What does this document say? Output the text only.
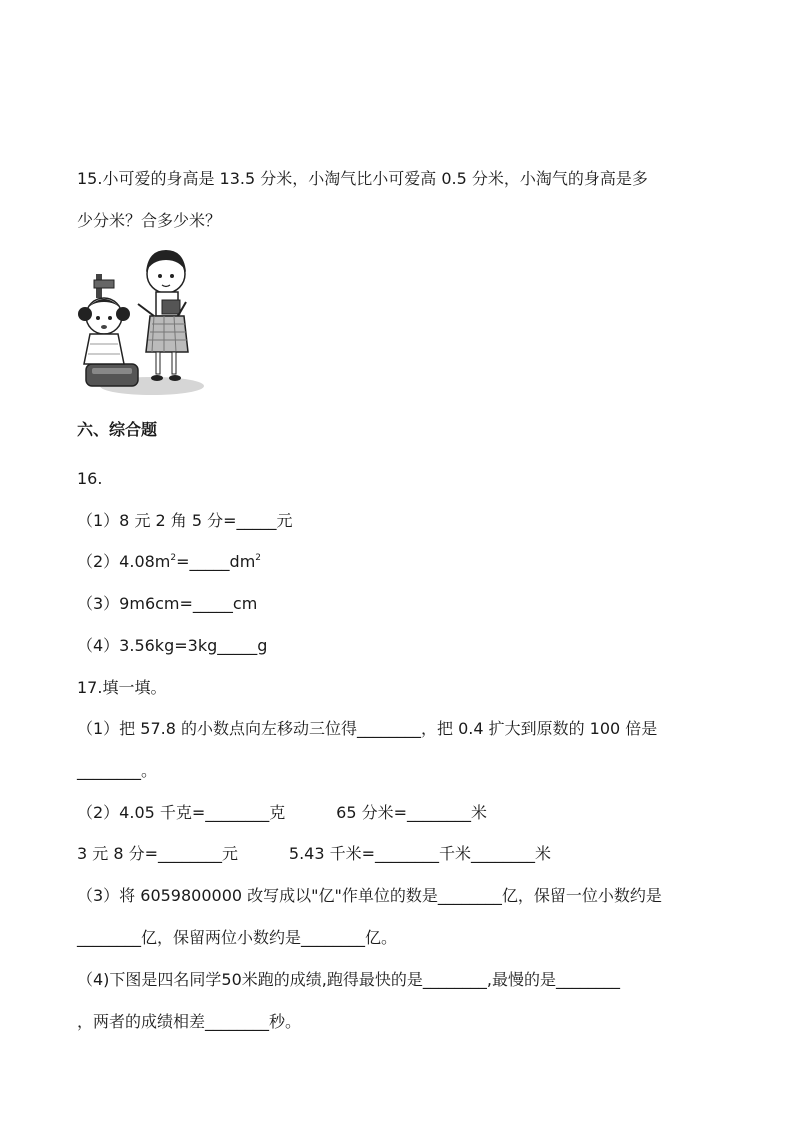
15.小可爱的身高是 13.5 分米，小淘气比小可爱高 0.5 分米，小淘气的身高是多
少分米？合多少米？
六、综合题
16.
（1）8 元 2 角 5 分=_____元
$(2)4.08m^2=\_\_\_\_\_dm^2$
（3）9m6cm=_____cm
（4）3.56kg=3kg_____g
17.填一填。
（1）把 57.8 的小数点向左移动三位得________，把 0.4 扩大到原数的 100 倍是
________。
（2）4.05 千克=________克          65 分米=________米
3 元 8 分=________元          5.43 千米=________千米________米
（3）将 6059800000 改写成以"亿"作单位的数是________亿，保留一位小数约是
________亿，保留两位小数约是________亿。
（4)下图是四名同学50米跑的成绩,跑得最快的是________,最慢的是________
，两者的成绩相差________秒。
